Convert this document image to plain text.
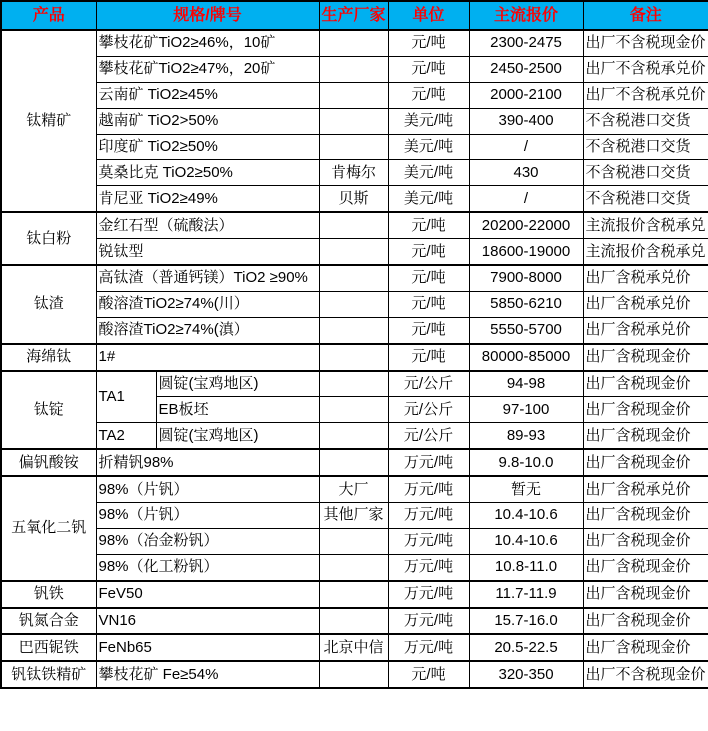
产品	规格/牌号		生产厂家	单位	主流报价	备注
钛精矿	攀枝花矿TiO2≥46%，10矿			元/吨	2300-2475	出厂不含税现金价
	攀枝花矿TiO2≥47%，20矿			元/吨	2450-2500	出厂不含税承兑价
	云南矿 TiO2≥45%			元/吨	2000-2100	出厂不含税承兑价
	越南矿 TiO2>50%			美元/吨	390-400	不含税港口交货
	印度矿 TiO2≥50%			美元/吨	/	不含税港口交货
	莫桑比克 TiO2≥50%		肯梅尔	美元/吨	430	不含税港口交货
	肯尼亚 TiO2≥49%		贝斯	美元/吨	/	不含税港口交货
钛白粉	金红石型（硫酸法）			元/吨	20200-22000	主流报价含税承兑
	锐钛型			元/吨	18600-19000	主流报价含税承兑
钛渣	高钛渣（普通钙镁）TiO2 ≥90%			元/吨	7900-8000	出厂含税承兑价
	酸溶渣TiO2≥74%(川）			元/吨	5850-6210	出厂含税承兑价
	酸溶渣TiO2≥74%(滇）			元/吨	5550-5700	出厂含税承兑价
海绵钛	1#			元/吨	80000-85000	出厂含税现金价
钛锭	TA1	圆锭(宝鸡地区)		元/公斤	94-98	出厂含税现金价
		EB板坯		元/公斤	97-100	出厂含税现金价
	TA2	圆锭(宝鸡地区)		元/公斤	89-93	出厂含税现金价
偏钒酸铵	折精钒98%			万元/吨	9.8-10.0	出厂含税现金价
五氧化二钒	98%（片钒）		大厂	万元/吨	暂无	出厂含税承兑价
	98%（片钒）		其他厂家	万元/吨	10.4-10.6	出厂含税现金价
	98%（冶金粉钒）			万元/吨	10.4-10.6	出厂含税现金价
	98%（化工粉钒）			万元/吨	10.8-11.0	出厂含税现金价
钒铁	FeV50			万元/吨	11.7-11.9	出厂含税现金价
钒氮合金	VN16			万元/吨	15.7-16.0	出厂含税现金价
巴西铌铁	FeNb65		北京中信	万元/吨	20.5-22.5	出厂含税现金价
钒钛铁精矿	攀枝花矿 Fe≥54%			元/吨	320-350	出厂不含税现金价
